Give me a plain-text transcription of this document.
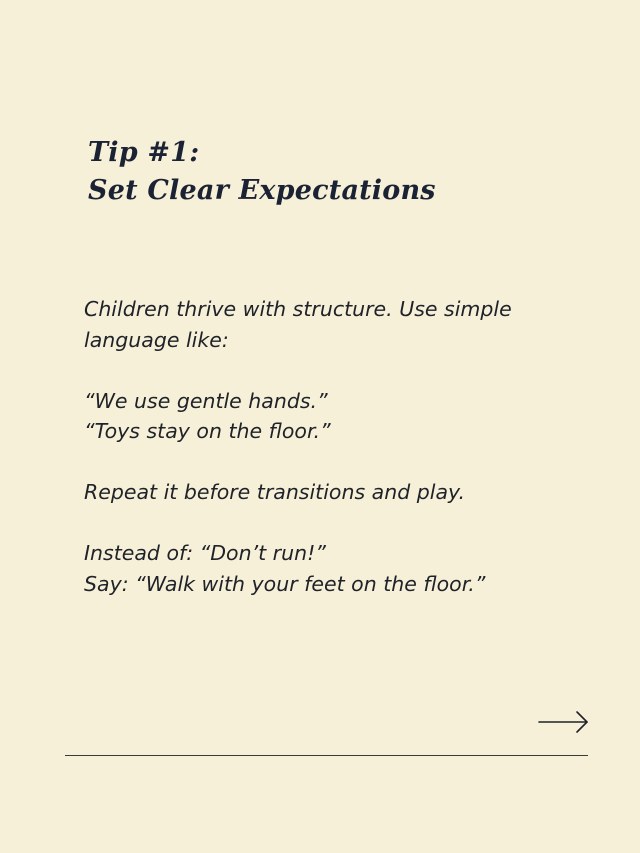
Tip #1:
Set Clear Expectations

Children thrive with structure. Use simple

language like:

“We use gentle hands.”

“Toys stay on the floor.”

Repeat it before transitions and play.

Instead of: “Don’t run!”

Say: “Walk with your feet on the floor.”
